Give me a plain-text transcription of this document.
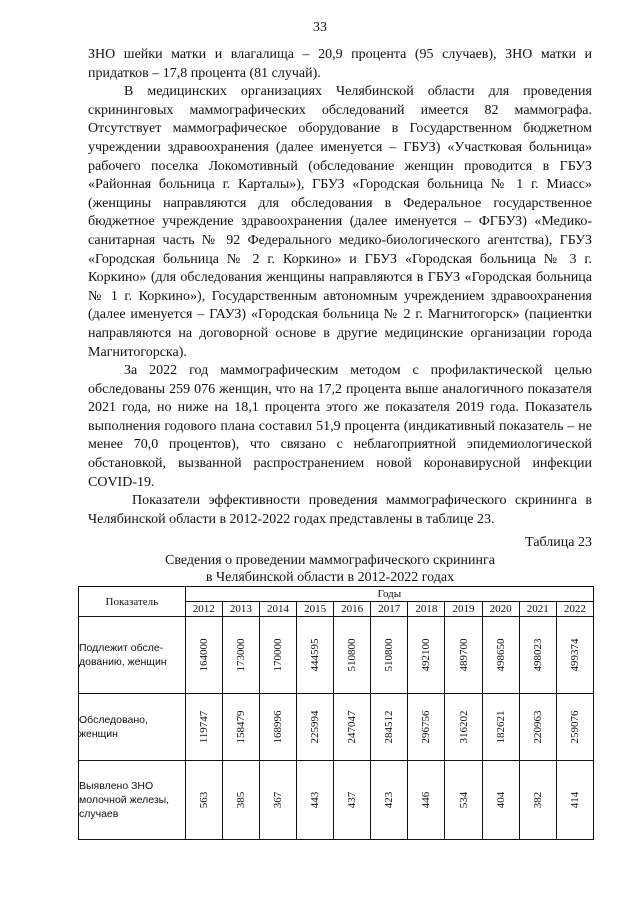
33

ЗНО шейки матки и влагалища – 20,9 процента (95 случаев), ЗНО матки и придатков – 17,8 процента (81 случай).

В медицинских организациях Челябинской области для проведения скрининговых маммографических обследований имеется 82 маммографа. Отсутствует маммографическое оборудование в Государственном бюджетном учреждении здравоохранения (далее именуется – ГБУЗ) «Участковая больница» рабочего поселка Локомотивный (обследование женщин проводится в ГБУЗ «Районная больница г. Карталы»), ГБУЗ «Городская больница № 1 г. Миасс» (женщины направляются для обследования в Федеральное государственное бюджетное учреждение здравоохранения (далее именуется – ФГБУЗ) «Медико-санитарная часть № 92 Федерального медико-биологического агентства), ГБУЗ «Городская больница № 2 г. Коркино» и ГБУЗ «Городская больница № 3 г. Коркино» (для обследования женщины направляются в ГБУЗ «Городская больница № 1 г. Коркино»), Государственным автономным учреждением здравоохранения (далее именуется – ГАУЗ) «Городская больница № 2 г. Магнитогорск» (пациентки направляются на договорной основе в другие медицинские организации города Магнитогорска).

За 2022 год маммографическим методом с профилактической целью обследованы 259 076 женщин, что на 17,2 процента выше аналогичного показателя 2021 года, но ниже на 18,1 процента этого же показателя 2019 года. Показатель выполнения годового плана составил 51,9 процента (индикативный показатель – не менее 70,0 процентов), что связано с неблагоприятной эпидемиологической обстановкой, вызванной распространением новой коронавирусной инфекции COVID-19.

Показатели эффективности проведения маммографического скрининга в Челябинской области в 2012-2022 годах представлены в таблице 23.

Таблица 23
Сведения о проведении маммографического скрининга
в Челябинской области в 2012-2022 годах
Показатель	Годы										
	2012	2013	2014	2015	2016	2017	2018	2019	2020	2021	2022

Подлежит обсле-
дованию, женщин	164000	173000	170000	444595	510800	510800	492100	489700	498650	498023	499374

Обследовано,
женщин	119747	158479	168996	225994	247047	284512	296756	316202	182621	220963	259076

Выявлено ЗНО
молочной железы,
случаев	563	385	367	443	437	423	446	534	404	382	414
